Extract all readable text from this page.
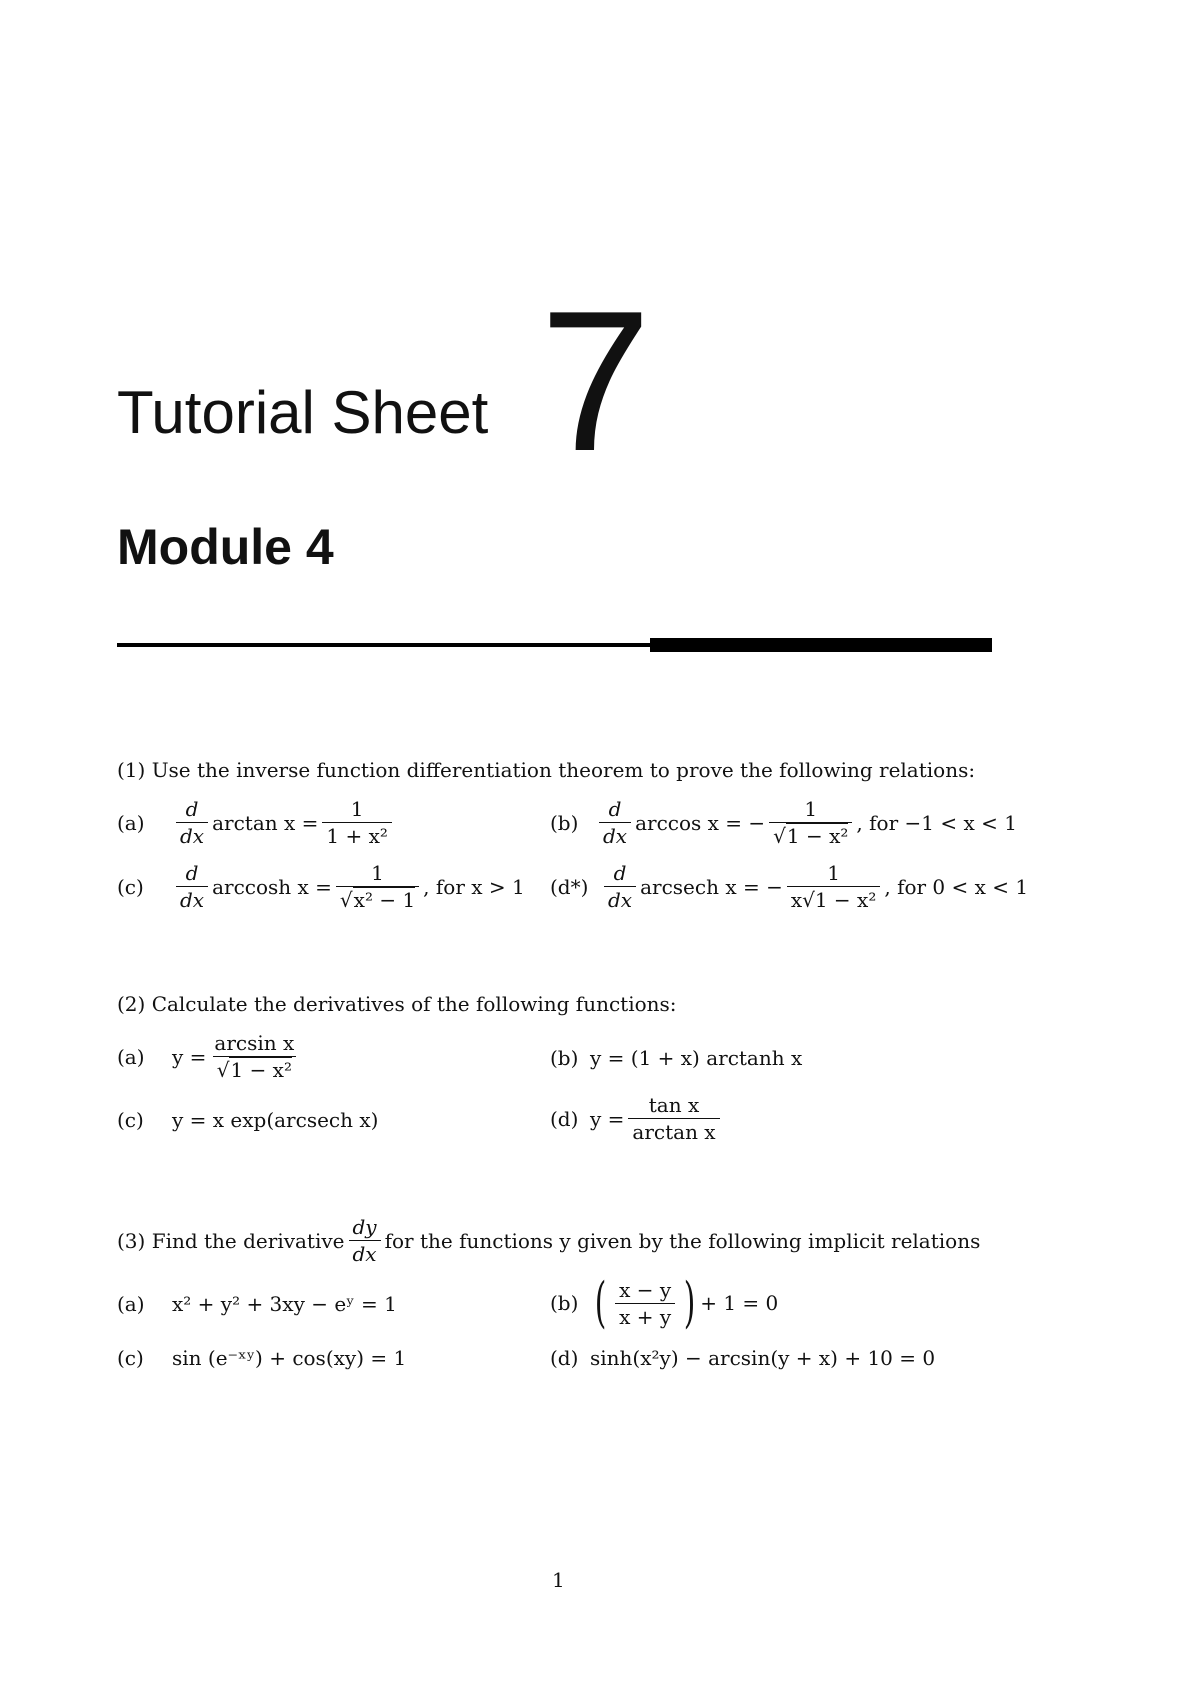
Tutorial Sheet 7
Module 4
(1) Use the inverse function differentiation theorem to prove the following relations:
(a)	$\frac{d}{dx}$ $\arctan x = \frac{1}{\text{1 + x²}}$	(b)	$\frac{d}{dx}$ arccos x = − $\frac{1}{\text{√1 − x²}}$ , for −1 < x < 1
(c)	$\frac{d}{dx}$ arccosh $x = \frac{1}{\text{√x² − 1}}$ , for x > 1 $(d*) \frac{d}{dx}$ arcsech x = − $\frac{1}{\text{x√1 − x²}}$ , for 0 < x < 1
(2) Calculate the derivatives of the following functions:
(a)	$y = \frac{\text{arcsin x}}{\text{√1 − x²}}$	(b) y = (1 + x) arctanh x
(c)	y = x exp(arcsech x)	(d) $y = \frac{\text{tan x}}{\text{arctan x}}$
(3) Find the derivative $\frac{dy}{dx}$ for the functions y given by the following implicit relations
(a)	x² + y² + 3xy − eʸ = 1	(b) ( $\frac{x - y}{x + y}$ ) + 1 = 0
(c)	sin (e⁻ˣʸ) + cos(xy) = 1	(d) sinh(x²y) − arcsin(y + x) + 10 = 0
1
